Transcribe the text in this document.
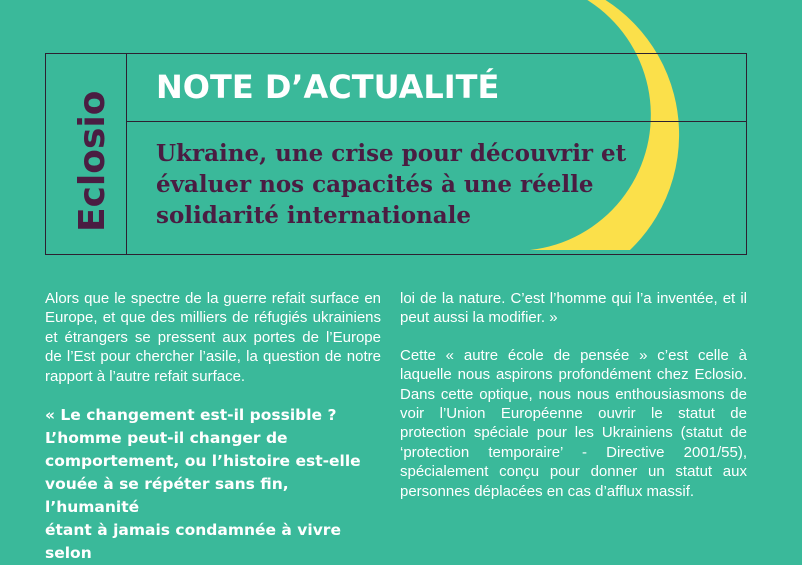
Eclosio
NOTE D’ACTUALITÉ
Ukraine, une crise pour découvrir et
évaluer nos capacités à une réelle
solidarité internationale

Alors que le spectre de la guerre refait surface en Europe, et que des milliers de réfugiés ukrainiens et étrangers se pressent aux portes de l’Europe de l’Est pour chercher l’asile, la question de notre rapport à l’autre refait surface.

« Le changement est-il possible ?
L’homme peut-il changer de
comportement, ou l’histoire est-elle
vouée à se répéter sans fin, l’humanité
étant à jamais condamnée à vivre selon

loi de la nature. C’est l’homme qui l’a inventée, et il peut aussi la modifier. »

Cette « autre école de pensée » c’est celle à laquelle nous aspirons profondément chez Eclosio. Dans cette optique, nous nous enthousiasmons de voir l’Union Européenne ouvrir le statut de protection spéciale pour les Ukrainiens (statut de ‘protection temporaire’ - Directive 2001/55), spécialement conçu pour donner un statut aux personnes déplacées en cas d’afflux massif.
